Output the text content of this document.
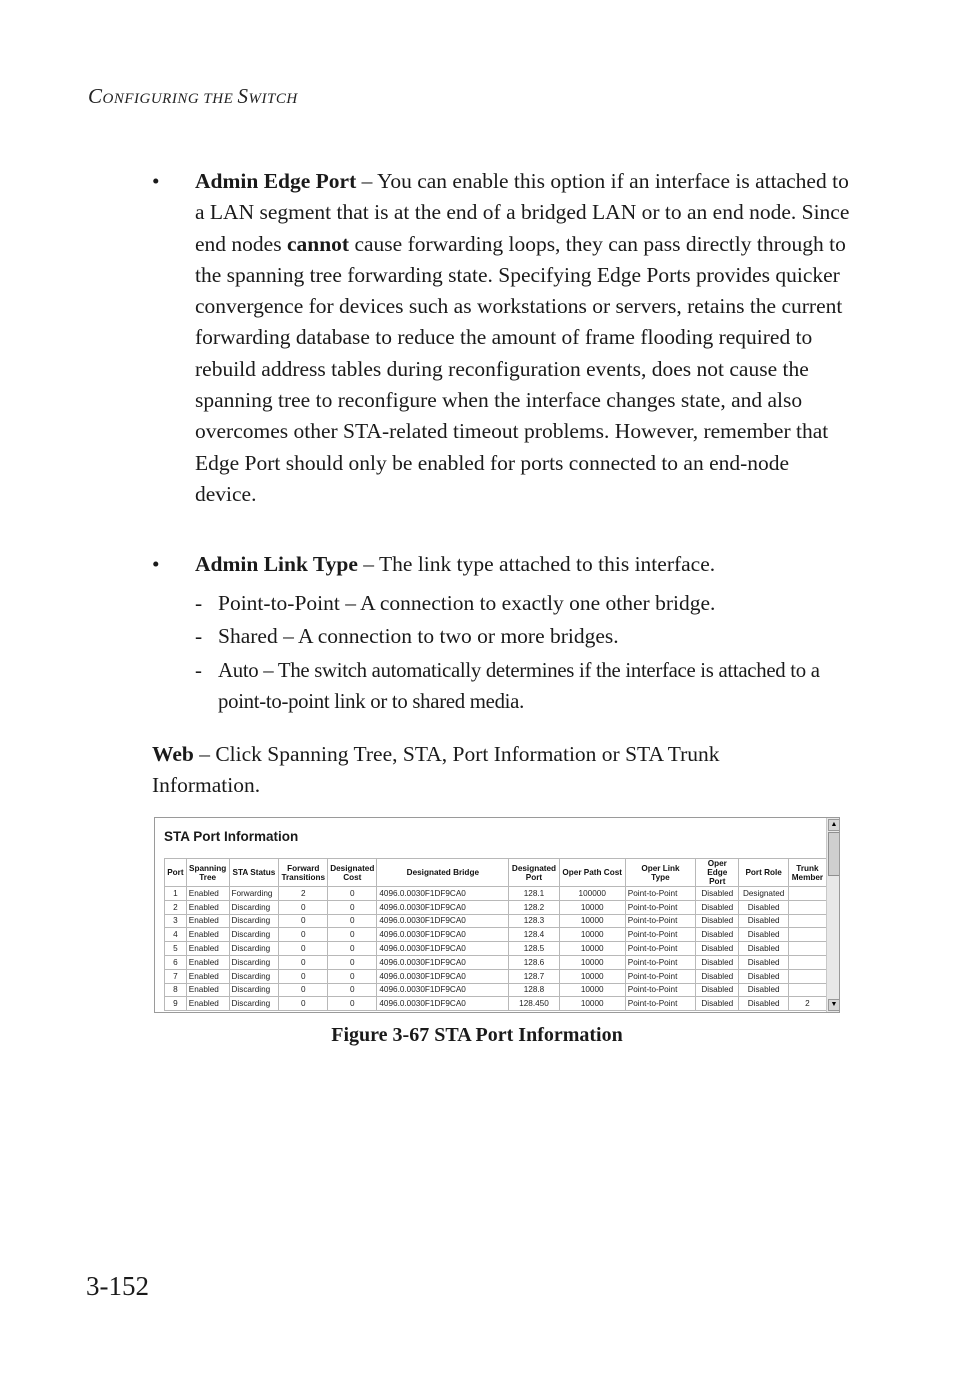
CONFIGURING THE SWITCH
• Admin Edge Port – You can enable this option if an interface is attached to a LAN segment that is at the end of a bridged LAN or to an end node. Since end nodes cannot cause forwarding loops, they can pass directly through to the spanning tree forwarding state. Specifying Edge Ports provides quicker convergence for devices such as workstations or servers, retains the current forwarding database to reduce the amount of frame flooding required to rebuild address tables during reconfiguration events, does not cause the spanning tree to reconfigure when the interface changes state, and also overcomes other STA-related timeout problems. However, remember that Edge Port should only be enabled for ports connected to an end-node device.
• Admin Link Type – The link type attached to this interface.
- Point-to-Point – A connection to exactly one other bridge.
- Shared – A connection to two or more bridges.
- Auto – The switch automatically determines if the interface is attached to a point-to-point link or to shared media.
Web – Click Spanning Tree, STA, Port Information or STA Trunk Information.
STA Port Information
Port	Spanning Tree	STA Status	Forward Transitions	Designated Cost	Designated Bridge	Designated Port	Oper Path Cost	Oper Link Type	Oper Edge Port	Port Role	Trunk Member
1	Enabled	Forwarding	2	0	4096.0.0030F1DF9CA0	128.1	100000	Point-to-Point	Disabled	Designated	
2	Enabled	Discarding	0	0	4096.0.0030F1DF9CA0	128.2	10000	Point-to-Point	Disabled	Disabled	
3	Enabled	Discarding	0	0	4096.0.0030F1DF9CA0	128.3	10000	Point-to-Point	Disabled	Disabled	
4	Enabled	Discarding	0	0	4096.0.0030F1DF9CA0	128.4	10000	Point-to-Point	Disabled	Disabled	
5	Enabled	Discarding	0	0	4096.0.0030F1DF9CA0	128.5	10000	Point-to-Point	Disabled	Disabled	
6	Enabled	Discarding	0	0	4096.0.0030F1DF9CA0	128.6	10000	Point-to-Point	Disabled	Disabled	
7	Enabled	Discarding	0	0	4096.0.0030F1DF9CA0	128.7	10000	Point-to-Point	Disabled	Disabled	
8	Enabled	Discarding	0	0	4096.0.0030F1DF9CA0	128.8	10000	Point-to-Point	Disabled	Disabled	
9	Enabled	Discarding	0	0	4096.0.0030F1DF9CA0	128.450	10000	Point-to-Point	Disabled	Disabled	2
▲
▼
Figure 3-67 STA Port Information
3-152
